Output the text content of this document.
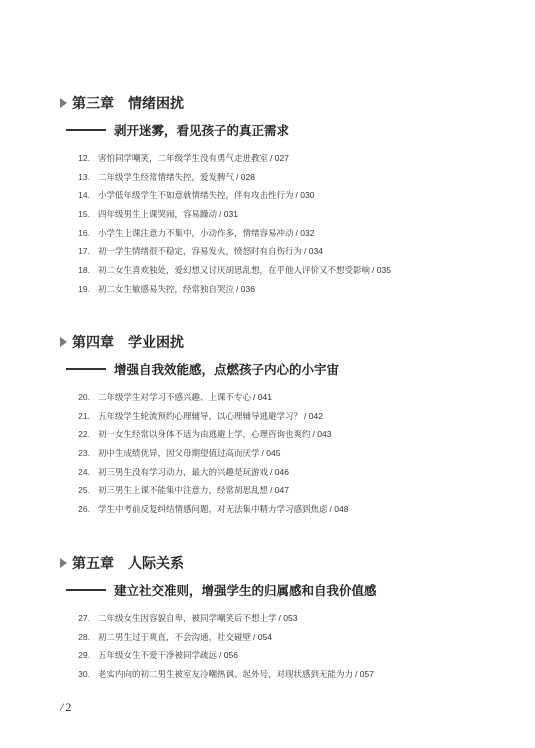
第三章 情绪困扰
剥开迷雾，看见孩子的真正需求
12. 害怕同学嘲笑，二年级学生没有勇气走进教室 / 027
13. 二年级学生经常情绪失控，爱发脾气 / 028
14. 小学低年级学生不如意就情绪失控，伴有攻击性行为 / 030
15. 四年级男生上课哭闹，容易躁动 / 031
16. 小学生上课注意力不集中，小动作多，情绪容易冲动 / 032
17. 初一学生情绪很不稳定，容易发火，愤怒时有自伤行为 / 034
18. 初二女生喜欢独处，爱幻想又讨厌胡思乱想，在乎他人评价又不想受影响 / 035
19. 初二女生敏感易失控，经常独自哭泣 / 036
第四章 学业困扰
增强自我效能感，点燃孩子内心的小宇宙
20. 二年级学生对学习不感兴趣、上课不专心 / 041
21. 五年级学生轮流预约心理辅导，以心理辅导逃避学习？ / 042
22. 初一女生经常以身体不适为由逃避上学，心理咨询也爽约 / 043
23. 初中生成绩优异，因父母期望值过高而厌学 / 045
24. 初三男生没有学习动力，最大的兴趣是玩游戏 / 046
25. 初三男生上课不能集中注意力，经常胡思乱想 / 047
26. 学生中考前反复纠结情感问题，对无法集中精力学习感到焦虑 / 048
第五章 人际关系
建立社交准则，增强学生的归属感和自我价值感
27. 二年级女生因容貌自卑，被同学嘲笑后不想上学 / 053
28. 初二男生过于爽直，不会沟通，社交碰壁 / 054
29. 五年级女生不爱干净被同学疏远 / 056
30. 老实内向的初二男生被室友冷嘲热讽、起外号，对现状感到无能为力 / 057
/ 2
